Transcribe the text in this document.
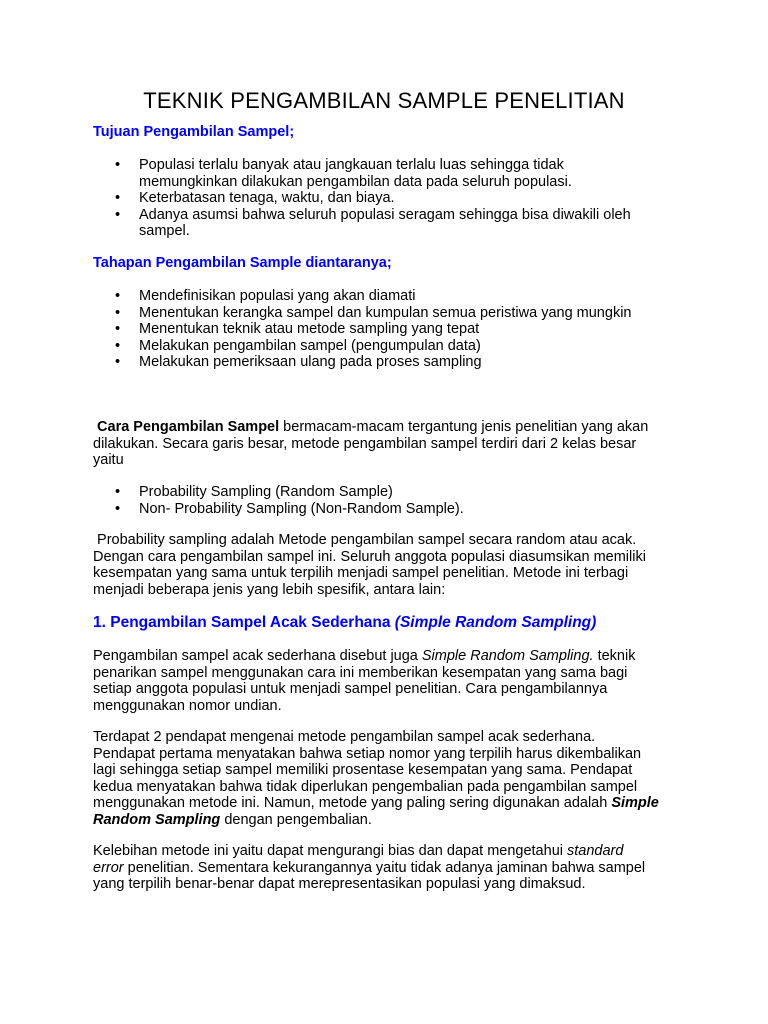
TEKNIK PENGAMBILAN SAMPLE PENELITIAN
Tujuan Pengambilan Sampel;
• Populasi terlalu banyak atau jangkauan terlalu luas sehingga tidak
memungkinkan dilakukan pengambilan data pada seluruh populasi.
• Keterbatasan tenaga, waktu, dan biaya.
• Adanya asumsi bahwa seluruh populasi seragam sehingga bisa diwakili oleh
sampel.
Tahapan Pengambilan Sample diantaranya;
• Mendefinisikan populasi yang akan diamati
• Menentukan kerangka sampel dan kumpulan semua peristiwa yang mungkin
• Menentukan teknik atau metode sampling yang tepat
• Melakukan pengambilan sampel (pengumpulan data)
• Melakukan pemeriksaan ulang pada proses sampling

Cara Pengambilan Sampel bermacam-macam tergantung jenis penelitian yang akan
dilakukan. Secara garis besar, metode pengambilan sampel terdiri dari 2 kelas besar
yaitu

• Probability Sampling (Random Sample)
• Non- Probability Sampling (Non-Random Sample).

Probability sampling adalah Metode pengambilan sampel secara random atau acak.
Dengan cara pengambilan sampel ini. Seluruh anggota populasi diasumsikan memiliki
kesempatan yang sama untuk terpilih menjadi sampel penelitian. Metode ini terbagi
menjadi beberapa jenis yang lebih spesifik, antara lain:

1. Pengambilan Sampel Acak Sederhana (Simple Random Sampling)

Pengambilan sampel acak sederhana disebut juga Simple Random Sampling. teknik
penarikan sampel menggunakan cara ini memberikan kesempatan yang sama bagi
setiap anggota populasi untuk menjadi sampel penelitian. Cara pengambilannya
menggunakan nomor undian.

Terdapat 2 pendapat mengenai metode pengambilan sampel acak sederhana.
Pendapat pertama menyatakan bahwa setiap nomor yang terpilih harus dikembalikan
lagi sehingga setiap sampel memiliki prosentase kesempatan yang sama. Pendapat
kedua menyatakan bahwa tidak diperlukan pengembalian pada pengambilan sampel
menggunakan metode ini. Namun, metode yang paling sering digunakan adalah Simple
Random Sampling dengan pengembalian.

Kelebihan metode ini yaitu dapat mengurangi bias dan dapat mengetahui standard
error penelitian. Sementara kekurangannya yaitu tidak adanya jaminan bahwa sampel
yang terpilih benar-benar dapat merepresentasikan populasi yang dimaksud.
